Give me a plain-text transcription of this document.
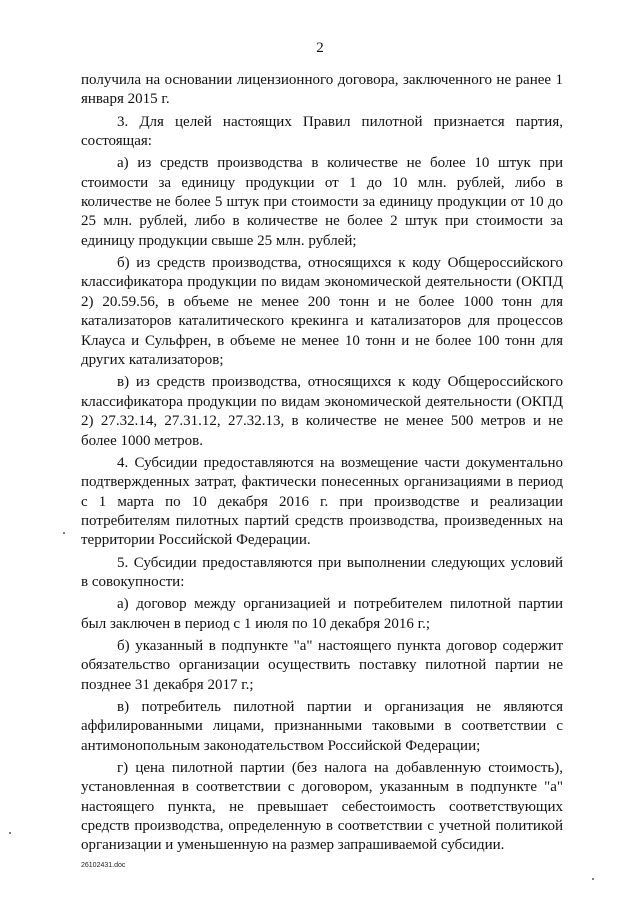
2

получила на основании лицензионного договора, заключенного не ранее 1 января 2015 г.

3. Для целей настоящих Правил пилотной признается партия, состоящая:

а) из средств производства в количестве не более 10 штук при стоимости за единицу продукции от 1 до 10 млн. рублей, либо в количестве не более 5 штук при стоимости за единицу продукции от 10 до 25 млн. рублей, либо в количестве не более 2 штук при стоимости за единицу продукции свыше 25 млн. рублей;

б) из средств производства, относящихся к коду Общероссийского классификатора продукции по видам экономической деятельности (ОКПД 2) 20.59.56, в объеме не менее 200 тонн и не более 1000 тонн для катализаторов каталитического крекинга и катализаторов для процессов Клауса и Сульфрен, в объеме не менее 10 тонн и не более 100 тонн для других катализаторов;

в) из средств производства, относящихся к коду Общероссийского классификатора продукции по видам экономической деятельности (ОКПД 2) 27.32.14, 27.31.12, 27.32.13, в количестве не менее 500 метров и не более 1000 метров.

4. Субсидии предоставляются на возмещение части документально подтвержденных затрат, фактически понесенных организациями в период с 1 марта по 10 декабря 2016 г. при производстве и реализации потребителям пилотных партий средств производства, произведенных на территории Российской Федерации.

5. Субсидии предоставляются при выполнении следующих условий в совокупности:

а) договор между организацией и потребителем пилотной партии был заключен в период с 1 июля по 10 декабря 2016 г.;

б) указанный в подпункте "а" настоящего пункта договор содержит обязательство организации осуществить поставку пилотной партии не позднее 31 декабря 2017 г.;

в) потребитель пилотной партии и организация не являются аффилированными лицами, признанными таковыми в соответствии с антимонопольным законодательством Российской Федерации;

г) цена пилотной партии (без налога на добавленную стоимость), установленная в соответствии с договором, указанным в подпункте "а" настоящего пункта, не превышает себестоимость соответствующих средств производства, определенную в соответствии с учетной политикой организации и уменьшенную на размер запрашиваемой субсидии.

26102431.doc
